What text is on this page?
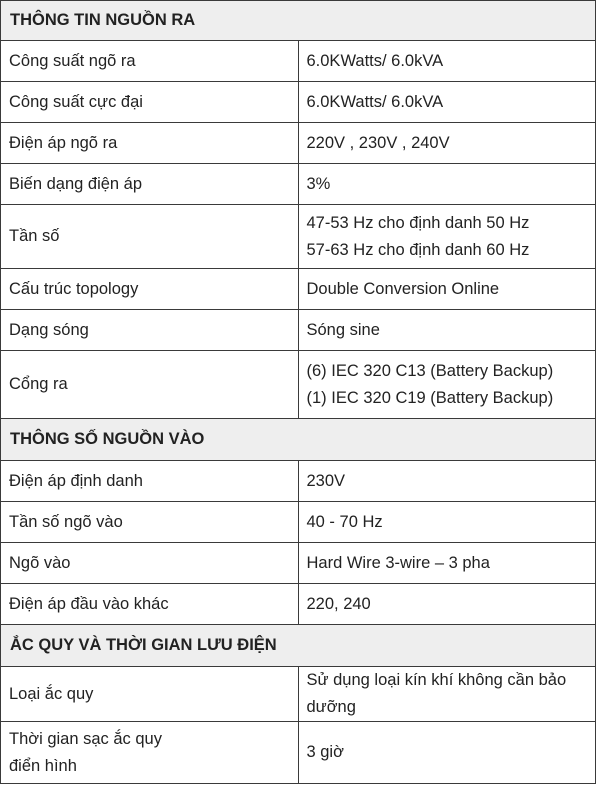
THÔNG TIN NGUỒN RA	
Công suất ngõ ra	6.0KWatts/ 6.0kVA
Công suất cực đại	6.0KWatts/ 6.0kVA
Điện áp ngõ ra	220V , 230V , 240V
Biến dạng điện áp	3%
Tần số	47-53 Hz cho định danh 50 Hz
57-63 Hz cho định danh 60 Hz

Cấu trúc topology	Double Conversion Online
Dạng sóng	Sóng sine
Cổng ra	(6) IEC 320 C13 (Battery Backup)
(1) IEC 320 C19 (Battery Backup)

THÔNG SỐ NGUỒN VÀO	
Điện áp định danh	230V
Tần số ngõ vào	40 - 70 Hz
Ngõ vào	Hard Wire 3-wire – 3 pha
Điện áp đầu vào khác	220, 240
ẮC QUY VÀ THỜI GIAN LƯU ĐIỆN	
Loại ắc quy	Sử dụng loại kín khí không cần bảo dưỡng

Thời gian sạc ắc quy
điển hình	3 giờ
